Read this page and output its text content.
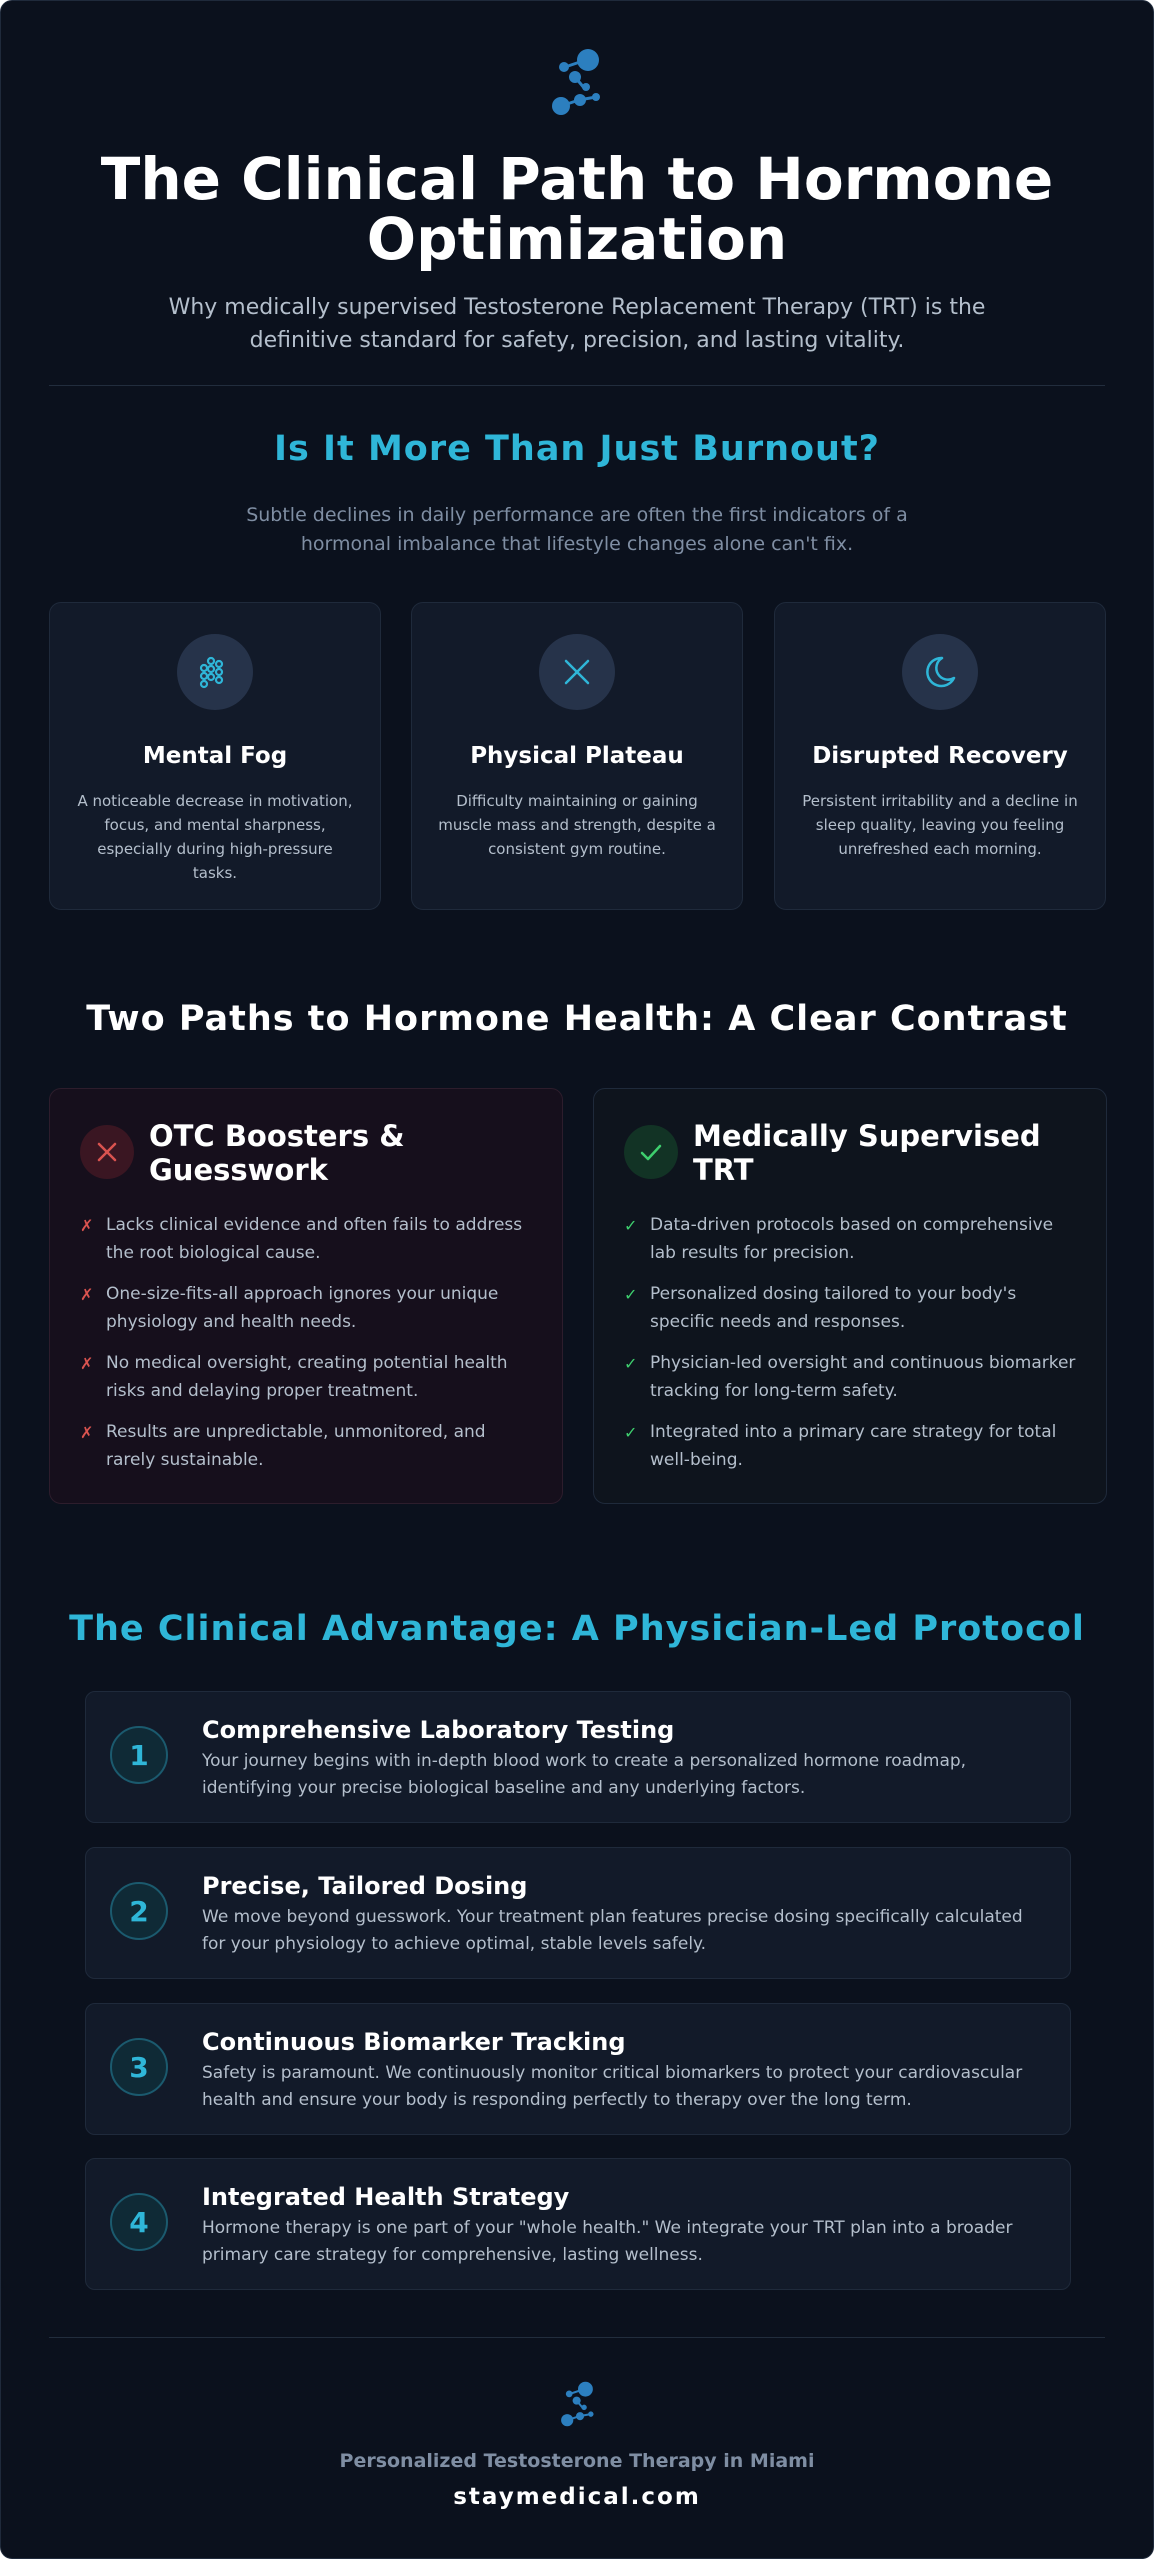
The Clinical Path to Hormone Optimization
Why medically supervised Testosterone Replacement Therapy (TRT) is the
definitive standard for safety, precision, and lasting vitality.
Is It More Than Just Burnout?
Subtle declines in daily performance are often the first indicators of a
hormonal imbalance that lifestyle changes alone can't fix.
Mental Fog
A noticeable decrease in motivation, focus, and mental sharpness, especially during high-pressure tasks.
Physical Plateau
Difficulty maintaining or gaining muscle mass and strength, despite a consistent gym routine.
Disrupted Recovery
Persistent irritability and a decline in sleep quality, leaving you feeling unrefreshed each morning.
Two Paths to Hormone Health: A Clear Contrast
OTC Boosters & Guesswork
✗ Lacks clinical evidence and often fails to address the root biological cause.
✗ One-size-fits-all approach ignores your unique physiology and health needs.
✗ No medical oversight, creating potential health risks and delaying proper treatment.
✗ Results are unpredictable, unmonitored, and rarely sustainable.
Medically Supervised TRT
✓ Data-driven protocols based on comprehensive lab results for precision.
✓ Personalized dosing tailored to your body's specific needs and responses.
✓ Physician-led oversight and continuous biomarker tracking for long-term safety.
✓ Integrated into a primary care strategy for total well-being.
The Clinical Advantage: A Physician-Led Protocol
1
Comprehensive Laboratory Testing
Your journey begins with in-depth blood work to create a personalized hormone roadmap, identifying your precise biological baseline and any underlying factors.
2
Precise, Tailored Dosing
We move beyond guesswork. Your treatment plan features precise dosing specifically calculated for your physiology to achieve optimal, stable levels safely.
3
Continuous Biomarker Tracking
Safety is paramount. We continuously monitor critical biomarkers to protect your cardiovascular health and ensure your body is responding perfectly to therapy over the long term.
4
Integrated Health Strategy
Hormone therapy is one part of your "whole health." We integrate your TRT plan into a broader primary care strategy for comprehensive, lasting wellness.
Personalized Testosterone Therapy in Miami
staymedical.com
